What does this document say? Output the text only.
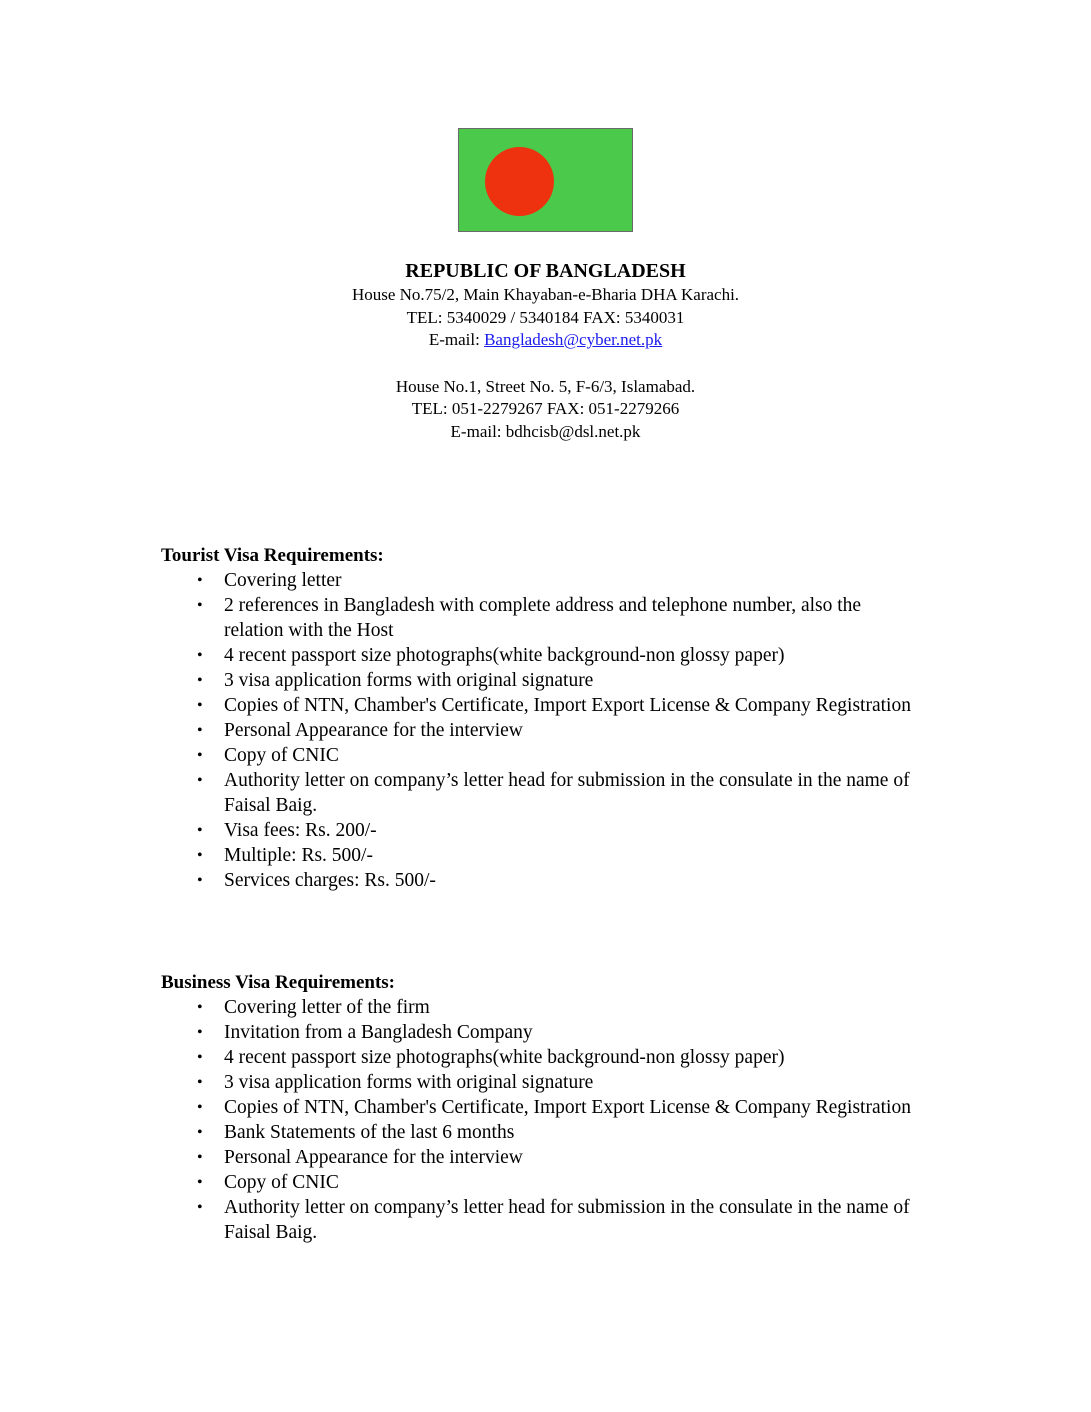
REPUBLIC OF BANGLADESH
House No.75/2, Main Khayaban-e-Bharia DHA Karachi.
TEL: 5340029 / 5340184 FAX: 5340031
E-mail: Bangladesh@cyber.net.pk
House No.1, Street No. 5, F-6/3, Islamabad.
TEL: 051-2279267 FAX: 051-2279266
E-mail: bdhcisb@dsl.net.pk
Tourist Visa Requirements:
•	Covering letter
•	2 references in Bangladesh with complete address and telephone number, also the relation with the Host
•	4 recent passport size photographs(white background-non glossy paper)
•	3 visa application forms with original signature
•	Copies of NTN, Chamber's Certificate, Import Export License & Company Registration
•	Personal Appearance for the interview
•	Copy of CNIC
•	Authority letter on company’s letter head for submission in the consulate in the name of Faisal Baig.
•	Visa fees: Rs. 200/-
•	Multiple: Rs. 500/-
•	Services charges: Rs. 500/-
Business Visa Requirements:
•	Covering letter of the firm
•	Invitation from a Bangladesh Company
•	4 recent passport size photographs(white background-non glossy paper)
•	3 visa application forms with original signature
•	Copies of NTN, Chamber's Certificate, Import Export License & Company Registration
•	Bank Statements of the last 6 months
•	Personal Appearance for the interview
•	Copy of CNIC
•	Authority letter on company’s letter head for submission in the consulate in the name of Faisal Baig.
